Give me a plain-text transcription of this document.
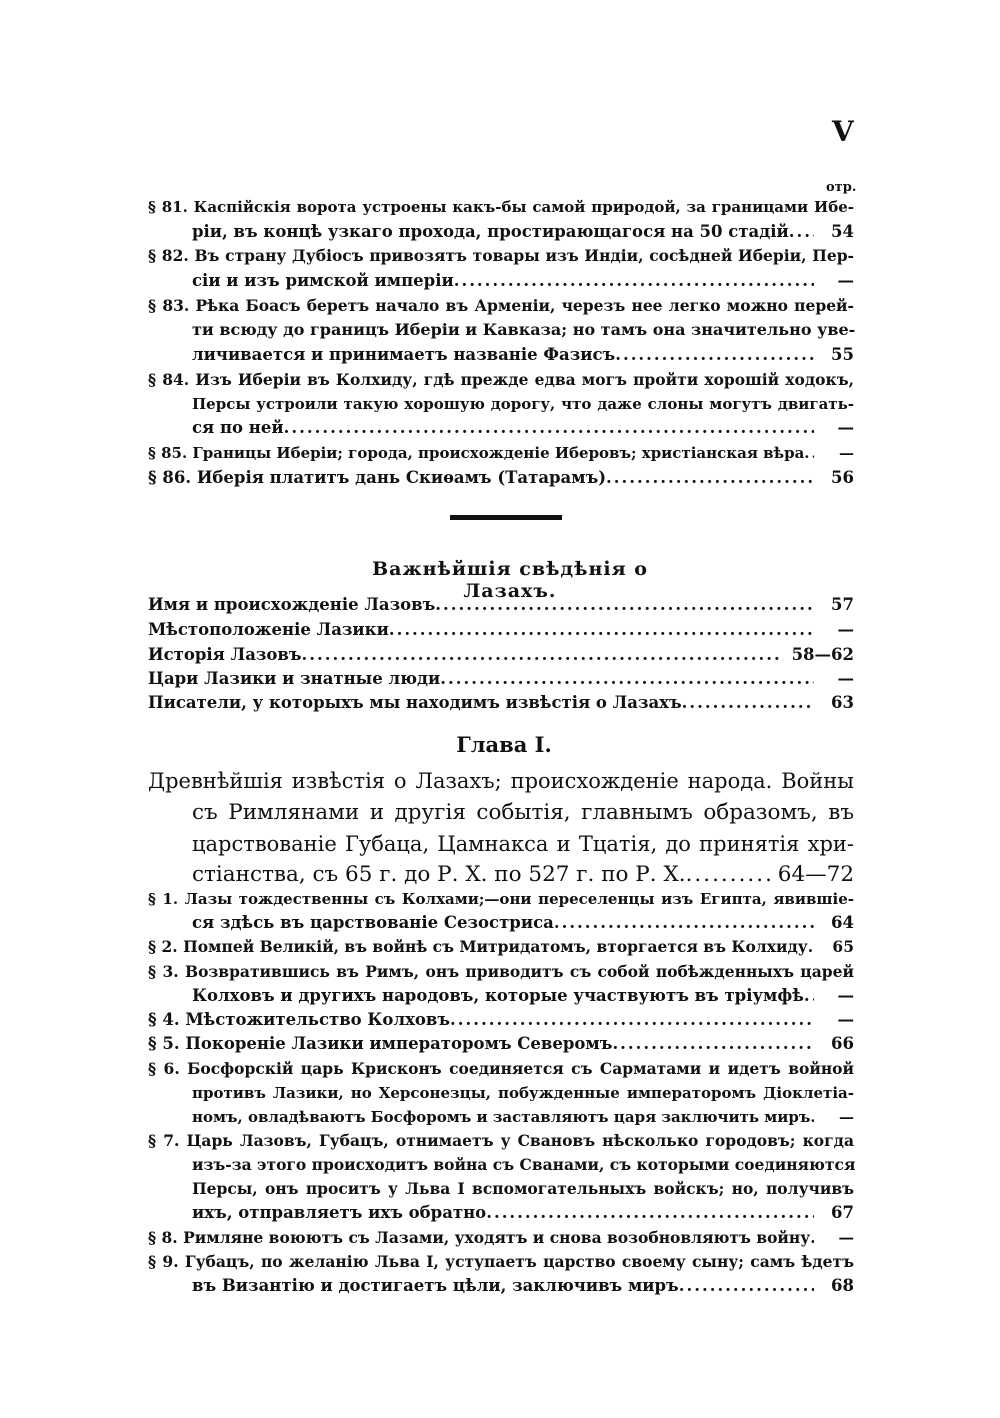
V
отр.
§ 81. Каспійскія ворота устроены какъ-бы самой природой, за границами Ибе-
ріи, въ концѣ узкаго прохода, простирающагося на 50 стадій .....	54
§ 82. Въ страну Дубіосъ привозятъ товары изъ Индіи, сосѣдней Иберіи, Пер-
сіи и изъ римской имперіи .....	—
§ 83. Рѣка Боасъ беретъ начало въ Арменіи, черезъ нее легко можно перей-
ти всюду до границъ Иберіи и Кавказа; но тамъ она значительно уве-
личивается и принимаетъ названіе Фазисъ .....	55
§ 84. Изъ Иберіи въ Колхиду, гдѣ прежде едва могъ пройти хорошій ходокъ,
Персы устроили такую хорошую дорогу, что даже слоны могутъ двигать-
ся по ней .....	—
§ 85. Границы Иберіи; города, происхожденіе Иберовъ; христіанская вѣра .....	—
§ 86. Иберія платитъ дань Скиѳамъ (Татарамъ) .....	56
Важнѣйшія свѣдѣнія о Лазахъ.
Имя и происхожденіе Лазовъ .....	57
Мѣстоположеніе Лазики .....	—
Исторія Лазовъ .....	58—62
Цари Лазики и знатные люди .....	—
Писатели, у которыхъ мы находимъ извѣстія о Лазахъ .....	63
Глава I.
Древнѣйшія извѣстія о Лазахъ; происхожденіе народа. Войны
съ Римлянами и другія событія, главнымъ образомъ, въ
царствованіе Губаца, Цамнакса и Тцатія, до принятія хри-
стіанства, съ 65 г. до Р. Х. по 527 г. по Р. Х. .....	64—72
§ 1. Лазы тождественны съ Колхами;—они переселенцы изъ Египта, явившіе-
ся здѣсь въ царствованіе Сезостриса .....	64
§ 2. Помпей Великій, въ войнѣ съ Митридатомъ, вторгается въ Колхиду .....	65
§ 3. Возвратившись въ Римъ, онъ приводитъ съ собой побѣжденныхъ царей
Колховъ и другихъ народовъ, которые участвуютъ въ тріумфѣ .....	—
§ 4. Мѣстожительство Колховъ .....	—
§ 5. Покореніе Лазики императоромъ Северомъ .....	66
§ 6. Босфорскій царь Крисконъ соединяется съ Сарматами и идетъ войной
противъ Лазики, но Херсонезцы, побужденные императоромъ Діоклетіа-
номъ, овладѣваютъ Босфоромъ и заставляютъ царя заключить миръ .....	—
§ 7. Царь Лазовъ, Губацъ, отнимаетъ у Свановъ нѣсколько городовъ; когда
изъ-за этого происходитъ война съ Сванами, съ которыми соединяются
Персы, онъ проситъ у Льва I вспомогательныхъ войскъ; но, получивъ
ихъ, отправляетъ ихъ обратно .....	67
§ 8. Римляне воюютъ съ Лазами, уходятъ и снова возобновляютъ войну .....	—
§ 9. Губацъ, по желанію Льва I, уступаетъ царство своему сыну; самъ ѣдетъ
въ Византію и достигаетъ цѣли, заключивъ миръ .....	68
